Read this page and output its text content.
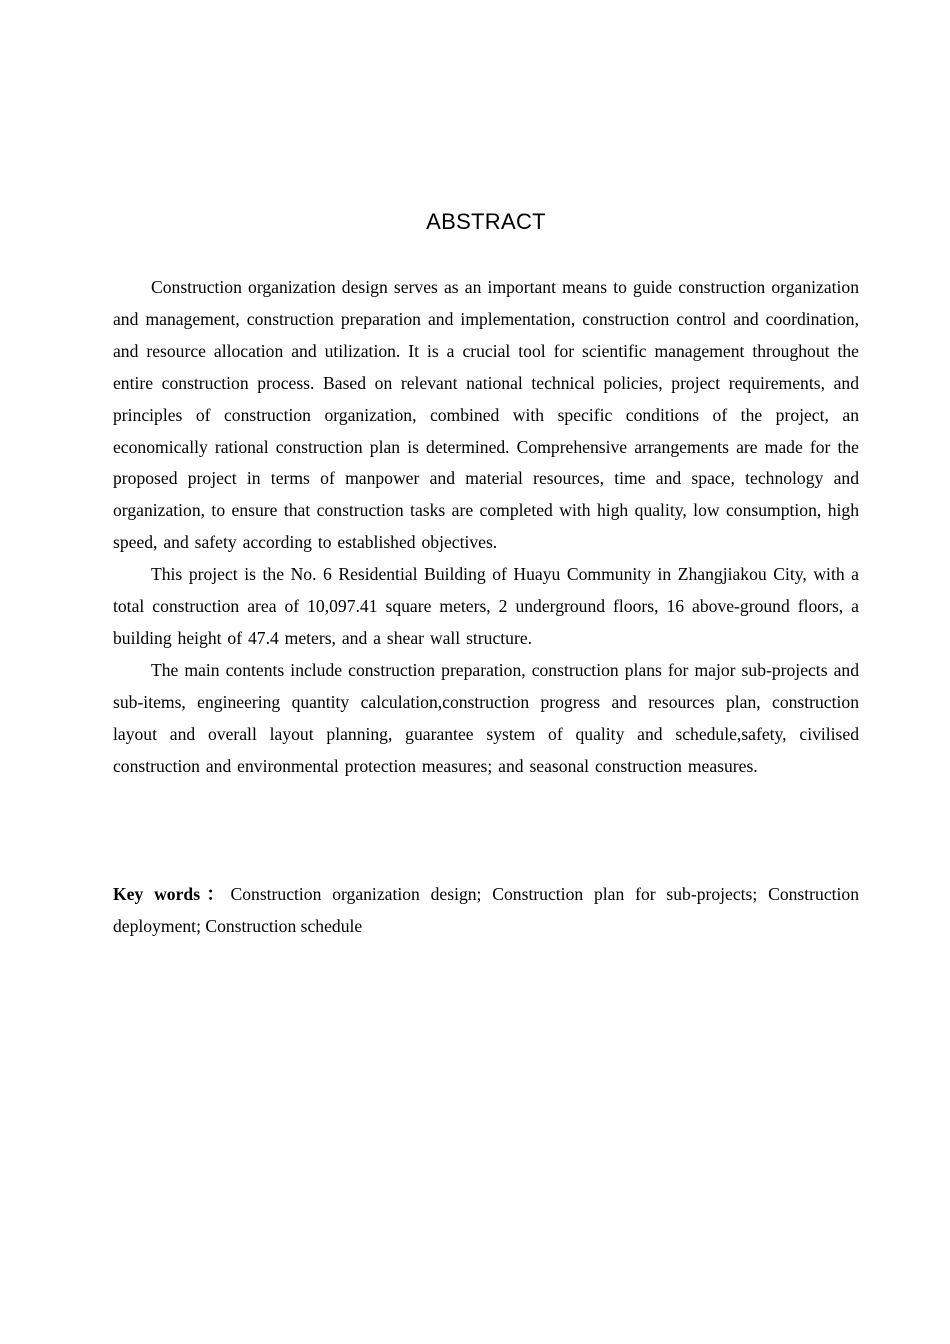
ABSTRACT

Construction organization design serves as an important means to guide construction organization and management, construction preparation and implementation, construction control and coordination, and resource allocation and utilization. It is a crucial tool for scientific management throughout the entire construction process. Based on relevant national technical policies, project requirements, and principles of construction organization, combined with specific conditions of the project, an economically rational construction plan is determined. Comprehensive arrangements are made for the proposed project in terms of manpower and material resources, time and space, technology and organization, to ensure that construction tasks are completed with high quality, low consumption, high speed, and safety according to established objectives.

This project is the No. 6 Residential Building of Huayu Community in Zhangjiakou City, with a total construction area of 10,097.41 square meters, 2 underground floors, 16 above-ground floors, a building height of 47.4 meters, and a shear wall structure.

The main contents include construction preparation, construction plans for major sub-projects and sub-items, engineering quantity calculation,construction progress and resources plan, construction layout and overall layout planning, guarantee system of quality and schedule,safety, civilised construction and environmental protection measures; and seasonal construction measures.

Key words：Construction organization design; Construction plan for sub-projects; Construction deployment; Construction schedule
